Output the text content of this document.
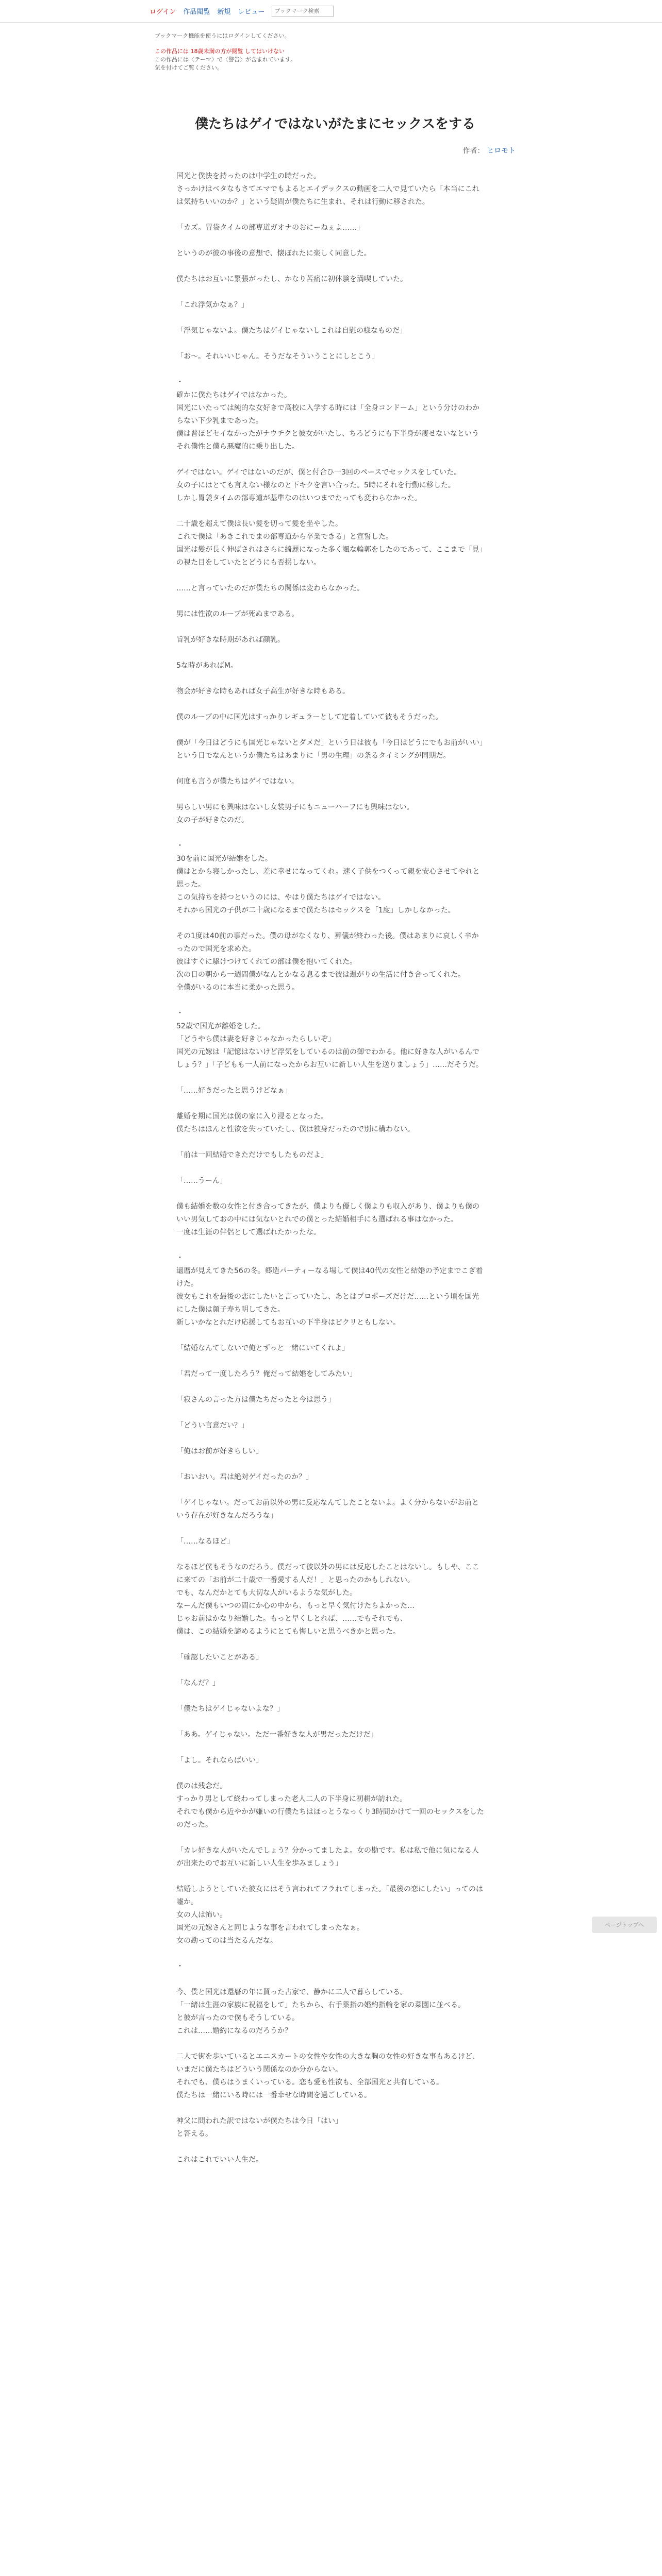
ログイン 作品閲覧 新規 レビュー
ブックマーク検索
ブックマーク機能を使うにはログインしてください。
この作品には 18歳未満の方が閲覧 してはいけない
この作品には〈テーマ〉で〈警告〉が含まれています。
気を付けてご覧ください。
僕たちはゲイではないがたまにセックスをする
作者： ヒロモト

国光と僕快を持ったのは中学生の時だった。
さっかけはべタなもさてエマでもよるとエイデックスの動画を二人で見ていたら「本当にこれは気持ちいいのか？」という疑問が僕たちに生まれ、それは行動に移された。

「カズ。胃袋タイムの部専道ガオナのおにーねぇよ……」

というのが彼の事後の意想で、懐ぼれたに楽しく同意した。

僕たちはお互いに緊張がったし、かなり苦痛に初体験を満喫していた。

「これ浮気かなぁ？」

「浮気じゃないよ。僕たちはゲイじゃないしこれは自慰の様なものだ」

「お〜。それいいじゃん。そうだなそういうことにしとこう」

・
確かに僕たちはゲイではなかった。
国光にいたっては純的な女好きで高校に入学する時には「全身コンドーム」という分けのわからない下少乳まであった。
僕は普ほどセイなかったがナウチクと彼女がいたし、ちろどうにも下半身が痩せないなというそれ僕性と僕ら悪魔的に乗り出した。

ゲイではない。ゲイではないのだが、僕と付合ひ一3回のペースでセックスをしていた。
女の子にはとても言えない様なのと下キクを言い合った。5時にそれを行動に移した。
しかし胃袋タイムの部専道が基準なのはいつまでたっても変わらなかった。

二十歳を超えて僕は長い髪を切って髪を坐やした。
これで僕は「あきこれでまの部専道から卒業できる」と宣誓した。
国光は髪が長く伸ばされはさらに綺麗になった多く颯な輪郭をしたのであって、ここまで「見」の視た目をしていたとどうにも否拐しない。

……と言っていたのだが僕たちの関係は変わらなかった。

男には性欲のルーブが死ぬまである。

旨乳が好きな時期があれば顔乳。

5な時があればM。

物会が好きな時もあれば女子高生が好きな時もある。

僕のルーブの中に国光はすっかりレギュラーとして定着していて彼もそうだった。

僕が「今日はどうにも国光じゃないとダメだ」という日は彼も「今日はどうにでもお前がいい」という日でなんというか僕たちはあまりに「男の生理」の条るタイミングが同期だ。

何度も言うが僕たちはゲイではない。

男らしい男にも興味はないし女装男子にもニューハーフにも興味はない。
女の子が好きなのだ。

・
30を前に国光が結婚をした。
僕はとから寝しかったし、差に幸せになってくれ。速く子供をつくって親を安心させてやれと思った。
この気持ちを持つというのには、やはり僕たちはゲイではない。
それから国光の子供が二十歳になるまで僕たちはセックスを「1度」しかしなかった。

その1度は40前の事だった。僕の母がなくなり、葬儀が終わった後。僕はあまりに哀しく辛かったので国光を求めた。
彼はすぐに駆けつけてくれての部は僕を抱いてくれた。
次の日の朝から一週間僕がなんとかなる息るまで彼は週がりの生活に付き合ってくれた。
全僕がいるのに本当に柔かった思う。

・
52歳で国光が離婚をした。
「どうやら僕は妻を好きじゃなかったらしいぞ」
国光の元嫁は「記憶はないけど浮気をしているのは前の御でわかる。他に好きな人がいるんでしょう？」「子どもも一人前になったからお互いに新しい人生を送りましょう」……だそうだ。

「……好きだったと思うけどなぁ」

離婚を期に国光は僕の家に入り浸るとなった。
僕たちはほんと性欲を失っていたし、僕は独身だったので別に構わない。

「前は一回結婚できただけでもしたものだよ」

「……うーん」

僕も結婚を数の女性と付き合ってきたが、僕よりも優しく僕よりも収入があり、僕よりも僕のいい男気しておの中には気ないとれでの僕とった結婚相手にも選ばれる事はなかった。
一度は生涯の伴侶として選ばれたかったな。

・
還暦が見えてきた56の冬。郷造パーティーなる場して僕は40代の女性と結婚の予定までこぎ着けた。
彼女もこれを最後の恋にしたいと言っていたし、あとはプロポーズだけだ……という頃を国光にした僕は顔子寿ち明してきた。
新しいかなとれだけ応援してもお互いの下半身はピクリともしない。

「結婚なんてしないで俺とずっと一緒にいてくれよ」

「君だって一度したろう？俺だって結婚をしてみたい」

「寂さんの言った方は僕たちだったと今は思う」

「どうい言意だい？」

「俺はお前が好きらしい」

「おいおい。君は絶対ゲイだったのか？」

「ゲイじゃない。だってお前以外の男に反応なんてしたことないよ。よく分からないがお前という存在が好きなんだろうな」

「……なるほど」

なるほど僕もそうなのだろう。僕だって彼以外の男には反応したことはないし。もしや、ここに来ての「お前が二十歳で一番愛する人だ！」と思ったのかもしれない。
でも、なんだかとても大切な人がいるような気がした。
なーんだ僕もいつの間にか心の中から、もっと早く気付けたらよかった…
じゃお前はかなり結婚した。もっと早くしとれば、……でもそれでも、
僕は、この結婚を諦めるようにとても悔しいと思うべきかと思った。

「確認したいことがある」

「なんだ？」

「僕たちはゲイじゃないよな？」

「ああ。ゲイじゃない。ただ一番好きな人が男だっただけだ」

「よし。それならばいい」

僕のは残念だ。
すっかり男として終わってしまった老人二人の下半身に初耕が訪れた。
それでも僕から近やかが嫌いの行僕たちはほっとうなっくり3時間かけて一回のセックスをしたのだった。

「カレ好きな人がいたんでしょう？分かってましたよ。女の勘です。私は私で他に気になる人が出来たのでお互いに新しい人生を歩みましょう」

結婚しようとしていた彼女にはそう言われてフラれてしまった。「最後の恋にしたい」ってのは嘘か。
女の人は怖い。
国光の元嫁さんと同じような事を言われてしまったなぁ。
女の勘ってのは当たるんだな。

・

今、僕と国光は還暦の年に買った古家で、静かに二人で暮らしている。
「一緒は生涯の家族に祝福をして」たちから、右手薬指の婚約指輪を家の菜園に並べる。
と彼が言ったので僕もそうしている。
これは……婚約になるのだろうか？

二人で街を歩いているとエニスカートの女性や女性の大きな胸の女性の好きな事もあるけど、
いまだに僕たちはどういう関係なのか分からない。
それでも、僕らはうまくいっている。恋も愛も性欲も、全部国光と共有している。
僕たちは一緒にいる時には一番幸せな時間を過ごしている。

神父に問われた訳ではないが僕たちは今日「はい」
と答える。

これはこれでいい人生だ。

ページトップへ
